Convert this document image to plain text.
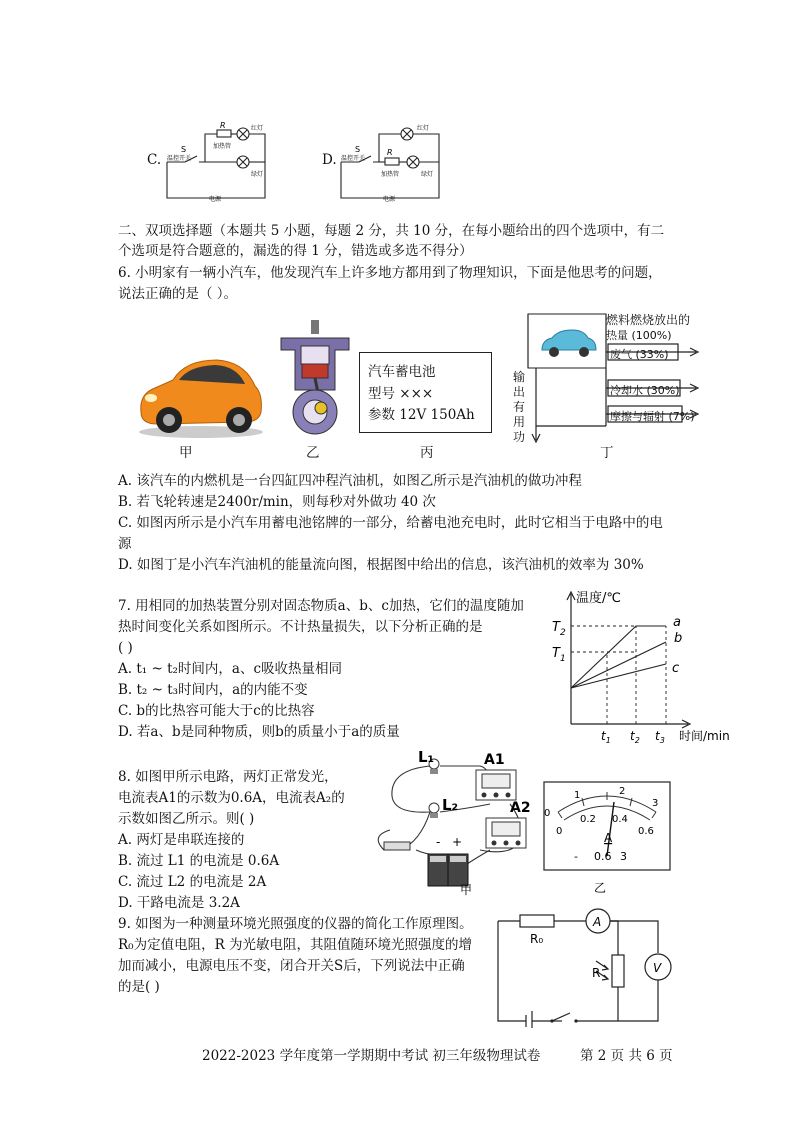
C.
S
R
加热管
温控开关
红灯
绿灯
电源
D.
S	R
加热管
温控开关
红灯
绿灯
电源
二、双项选择题（本题共 5 小题，每题 2 分，共 10 分，在每小题给出的四个选项中，有二
个选项是符合题意的，漏选的得 1 分，错选或多选不得分）
6. 小明家有一辆小汽车，他发现汽车上许多地方都用到了物理知识，下面是他思考的问题，
说法正确的是（ ）。
甲	乙
汽车蓄电池
型号 ×××
参数 12V 150Ah
丙
燃料燃烧放出的
热量 (100%)
废气 (33%)
冷却水 (30%)
摩擦与辐射 (7%)
输
出
有
用
功
丁
A. 该汽车的内燃机是一台四缸四冲程汽油机，如图乙所示是汽油机的做功冲程
B. 若飞轮转速是2400r/min，则每秒对外做功 40 次
C. 如图丙所示是小汽车用蓄电池铭牌的一部分，给蓄电池充电时，此时它相当于电路中的电
源
D. 如图丁是小汽车汽油机的能量流向图，根据图中给出的信息，该汽油机的效率为 30%
7. 用相同的加热装置分别对固态物质a、b、c加热，它们的温度随加
热时间变化关系如图所示。不计热量损失，以下分析正确的是
( )
A. t₁ ~ t₂时间内，a、c吸收热量相同
B. t₂ ~ t₃时间内，a的内能不变
C. b的比热容可能大于c的比热容
D. 若a、b是同种物质，则b的质量小于a的质量
温度/℃
时间/min
$T_2$
$T_1$
$t_1$ $t_2$ $t_3$
a
b
c
8. 如图甲所示电路，两灯正常发光，
电流表A1的示数为0.6A，电流表A₂的
示数如图乙所示。则( )
A. 两灯是串联连接的
B. 流过 L1 的电流是 0.6A
C. 流过 L2 的电流是 2A
D. 干路电流是 3.2A
- +
L₁
L₂
A1
A2
甲
0
1	2
3
0
0.2 0.4
0.6
A
- 0.6 3
乙
9. 如图为一种测量环境光照强度的仪器的简化工作原理图。
R₀为定值电阻，R 为光敏电阻，其阻值随环境光照强度的增
加而减小，电源电压不变，闭合开关S后，下列说法中正确
的是( )
R₀
A
R	V
2022-2023 学年度第一学期期中考试 初三年级物理试卷	第 2 页 共 6 页
